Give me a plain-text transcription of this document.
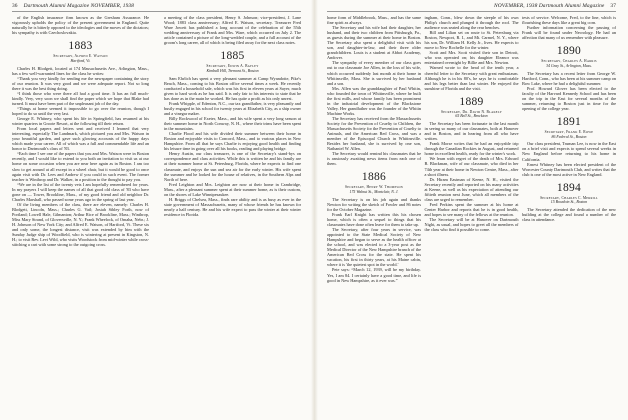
36 Dartmouth Alumni Magazine NOVEMBER, 1938

of the English insurance firm known as the Gresham Assurance. He vigorously upholds the policy of the present government in England. Quite naturally he is bitterly opposed to the ideologies and the moves of the dictators; his sympathy is with Czechoslovakia.

1883
Secretary, Alfred E. Watson
Hartford, Vt.

Charles H. Blodgett, located at 174 Massachusetts Ave., Arlington, Mass., has a few well-warranted lines for the class he writes:

“Thank you very kindly for sending me the newspaper containing the story of our reunion. It was very good and we were adequate report. Not so long there it was the best thing doing.

“I think those who were there all had a good time. It has an full much-kindly. Very, very soon we shall find the paper which we hope that Blake had turned. It must have been part of the unpleasant job of the day.

“Things at home seemed it impossible to go over the reunion, though I hoped to do so until the very last.

George E. Whitney, who spent his life in Springfield, has resumed at his winter quarters in Groote Resort, at the following till their return.

From local papers and letters sent and received I learned that very interesting, especially The Landmark, which pictured you and Mrs. Watson in your beautiful garden, and gave such glowing accounts of the happy days which made your career. All of which was a full and commendable life and an honor to Dartmouth's class of '83.

“Each time I see one of the papers that you and Mrs. Watson were in Boston recently, and I would like to extend to you both an invitation to visit us at our home on some occasion when you are near here again as in Boston. I am too slow to get around at all except in a wheel chair, but it would be good to once again visit with Dr. Lees and Andrew if you could in such event. The former teacher is Winthrop and Dr. Walker, in a position to the thought to pay you.

“We are in the list of the twenty vets I am hopefully remembered for years. In my prayers I will keep the names of all that good old class of '83 who have gone on — Tower, Brookline, Mass., of my good friend and old neighbor Dr. Charles Marshall, who passed some years ago in the spring of last year.

Of the living members of the class, there are eleven, namely: Charles H. Blodgett, Lincoln, Mass.; Charles G. Vail; Josiah Sibley Forth, now of Portland; Lowell Hale, Gilmanton; Arthur Rice of Brookline, Mass.; Winthrop, Miss Mary Strand, of Gloversville, N. Y.; Frank Wheelock, of Omaha, Nebr.; J. H. Johnson of New York City; and Alfred E. Watson, of Hartford, Vt. These six and only some, the longest distance, visit was extended by him with the Sunday Judge ship of Woodfield, who is wintering at present in Kingston, N. H.; to visit Rev. Levi Wild, who visits Woodstock from mid-winter while cross-stitching a cart with some strong to the outgoing cross.

a meeting of the class president, Henry S. Johnson; vice-president, J. Lane Wood; 1883 class anniversary; Alfred E. Watson, secretary. Treasurer Fred Ware Jowett has published a long account of the celebration of the 55th wedding anniversary of Frank and Mrs. Ware, which occurred on July 2. The article contained a picture of the long-wedded couple, and a full account of the groom's long career, all of which is being filed away for the next class notes.

1885
Secretary, Edwin A. Bayley
Kimball Hill, Tremont St., Boston

Sam Ehrlich has spent a very pleasant summer at Camp Wyandotte, Pike's Beach, Mass., coming to his Boston office several times a week. He recently conducted a household sale, which was his first in eleven years at Sayer, much given to hard work as he has said. It is only fair to his interests to state that he has done as in the main he worked. He has quite a profit as his only unrest.

Frank Whipple, of Edenton, N.C., our tax grandfather, is very pleasantly and busily engaged in his school for twenty years at Elizabeth City, as a ship owner and a vinegar maker.

Billy Rockwood of Exeter, Mass., and his wife spent a very long season at their summer home in North Conway, N. H., where their trims have been spent in the mountains.

Charlie Flood and his wife divided their summer between their home in Boston and enjoyable visits to Concord, Mass., and to various places in New Hampshire. From all that he says Charlie is enjoying good health and finding his leisure time in going over all his books, reading and playing bridge.

Henry Austin, our class treasurer, is one of the Secretary's stand-bys on correspondence and class activities. While this is written he and his family are at their summer home at St. Petersburg, Florida, where he expects to find one classmate, and enjoys the sun and sea air for the early winter. His wife spent the summer and he looked for the house of relatives, in the Southern Alps and North of here.

Fred Leighton and Mrs. Leighton are now at their home in Cambridge, Mass., after a pleasant summer spent at their summer home, as is their custom, on the shores of Lake Winnipesaukee.

H. Briggs of Chelsea, Mass., finds rare ability and is as busy as ever in the state government of Massachusetts, many of whose friends he has known for nearly a half century. He and his wife expect to pass the winter at their winter residence in Florida.

NOVEMBER, 1938 Dartmouth Alumni Magazine 37

home form of Middlebrook, Mass., and has the same fine spirit as always.

The Secretary and his wife had their daughter, her husband, and their two children from Pittsburgh, Pa., as guests during the summer at their home in Boston. The Secretary also spent a delightful visit with his son, and daughter-in-law, and their three older grandchildren. Louis is a student at Abbot Academy, Andover.

The sympathy of every member of our class goes out to our classmate Joe Allen, in the loss of his wife, which occurred suddenly last month at their home in Whitinsville, Mass. She is survived by her husband and a son.

Mrs. Allen was the granddaughter of Paul Whitin, who founded the town of Whitinsville, where he built the first mills, and whose family has been prominent in the industrial development of the Blackstone Valley. Her grandfather was the founder of the Whitin Machine Works.

The Secretary has received from the Massachusetts Society for the Prevention of Cruelty to Children, the Massachusetts Society for the Prevention of Cruelty to Animals, and the American Red Cross, and was a member of the Episcopal Church in Whitinsville. Besides her husband, she is survived by one son, Nathaniel W. Allen.

The Secretary would remind his classmates that he is anxiously awaiting news items from each one of them.

1886
Secretary, Henry W. Thompson
175 Walnut St., Montclair, N. J.

The Secretary is on his job again and thanks Newton for writing the sketch of Fowler and 86 notes for the October Magazine.

Frank Earl Knight has written this his chosen home, which is often a sequel to things that his classmates have done often leave for them to take up.

The Secretary, after four years in service, was appointed to the State Medical Society of New Hampshire and began to serve as the health officer at the school, and was elected to a 3-year post as the Medical Director of the New Hampshire branch of the American Red Cross for the state. He spent his vacation, his first in thirty years, at his Maine cabin, where it is 'the quietest spot in the world.'

Pete says: “March 12, 1939, will be my birthday. Yes, I am 84. I certainly have a good time, and life is good in New Hampshire, as it ever was.”

ingham, Conn., blew down the steeple of his own Philip's church and plunged it through the roof. The audience was seated along the rear benches.

Bill and Lilian set on route to St. Petersburg via Boston, Newport, R. I., and Mt. Carmel, N. Y., where his son, Dr. William H. Kelly Jr., lives. He expects to move to New Rochelle for the winter.

Scott and Mrs. Scott visited their son in Detroit, who was operated on; his daughter Eleanor was entertained overnight by Billie and Mrs. Newton.

Warned wrote to the head of the tenth year, a cheerful letter to the Secretary with great enthusiasm. Although he is in his 80's, he says he is comfortable and his legs better than last winter. He enjoyed the sunshine of Florida and the visit.

1889
Secretary, Dr. David N. Blakely
65 Bell St., Brockton

The Secretary has been fortunate in the last month in seeing so many of our classmates, both at Hanover and in Boston, and in hearing from all who have written.

Frank Morse writes that he had an enjoyable trip through the Canadian Rockies in August, and returned home in excellent health, ready for the winter's work.

We learn with regret of the death of Mrs. Edward B. Blackman, wife of our classmate, who died in her 74th year at their home in Newton Centre, Mass., after a short illness.

Dr. Hiram Eastman of Keene, N. H., visited the Secretary recently and reported on his many activities at Keene, as well as his expectation of attending our fiftieth reunion next June, which all members of the class are urged to remember.

Fred Perkins spent the summer at his home at Center Harbor and reports that he is in good health, and hopes to see many of the fellows at the reunion.

The Secretary will be at Hanover on Dartmouth Night, as usual, and hopes to greet all the members of the class who find it possible to come.

tests of service. Welcome, Fred, to the line, which is flourishing these days like a great big corn.

Further information concerning the passing of Frank will be found under Necrology. He had an affection that many of us remember with pleasure.

1890
Secretary, Charles A. Harris
34 Gray St., Arlington, Mass.

The Secretary has a recent letter from George W. Hartford, Conn., who has been at his summer camp on Bow Lake, where he had a delightful summer.

Prof. Howard Glover has been elected to the faculty of the Harvard Kennedy School and has been on the trip in the East for several months of the summer, returning to Boston just in time for the opening of the college year.

1891
Secretary, Frank E. Rowe
86 Federal St., Boston

Our class president, Truman Lee, is now in the East on a brief visit and expects to spend several weeks in New England before returning to his home in California.

Ernest Whitney has been elected president of the Worcester County Dartmouth Club, and writes that the club is one of the most active in New England.

1894
Secretary, Charles C. Merrill
15 Bowdoin St., Boston

The Secretary attended the dedication of the new building at the college and found a number of the class in attendance.
